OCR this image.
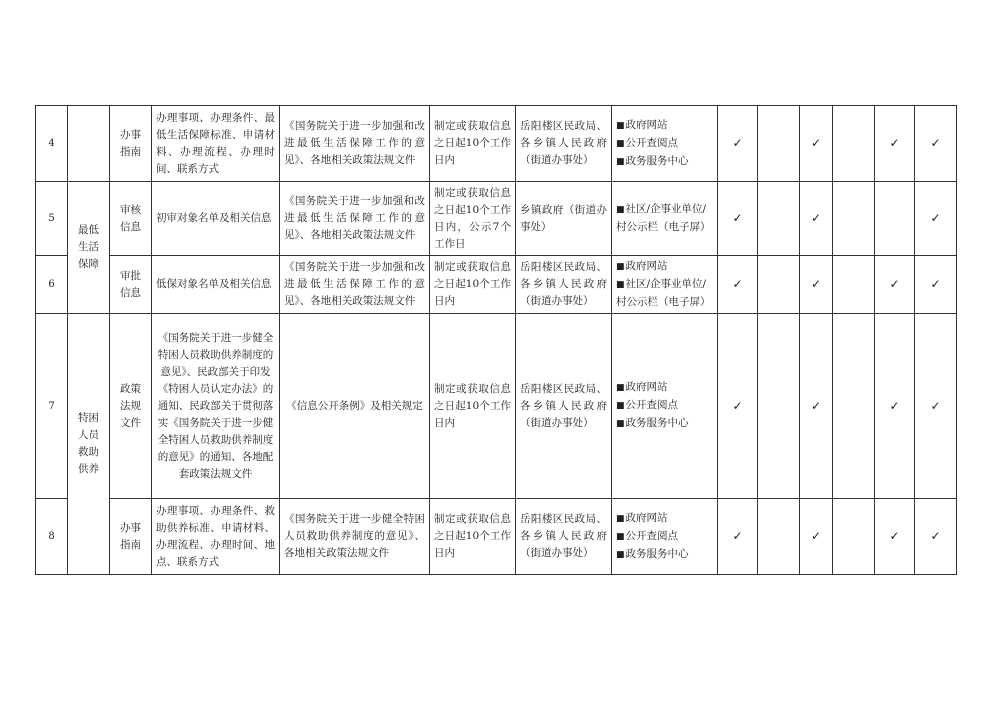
4		办事
指南	办理事项、办理条件、最低生活保障标准、申请材料、办理流程、办理时间、联系方式	《国务院关于进一步加强和改进最低生活保障工作的意见》、各地相关政策法规文件	制定或获取信息之日起10个工作日内	岳阳楼区民政局、各乡镇人民政府（街道办事处）	■政府网站
■公开查阅点
■政务服务中心	✓		✓		✓	✓
5	最低
生活
保障	审核
信息	初审对象名单及相关信息	《国务院关于进一步加强和改进最低生活保障工作的意见》、各地相关政策法规文件	制定或获取信息之日起10个工作日内，公示7个工作日	乡镇政府（街道办事处）	■社区/企事业单位/村公示栏（电子屏）	✓		✓			✓
6		审批
信息	低保对象名单及相关信息	《国务院关于进一步加强和改进最低生活保障工作的意见》、各地相关政策法规文件	制定或获取信息之日起10个工作日内	岳阳楼区民政局、各乡镇人民政府（街道办事处）	■政府网站
■社区/企事业单位/村公示栏（电子屏）	✓		✓		✓	✓
7	特困
人员
救助
供养	政策
法规
文件	《国务院关于进一步健全特困人员救助供养制度的意见》、民政部关于印发《特困人员认定办法》的通知、民政部关于贯彻落实《国务院关于进一步健全特困人员救助供养制度的意见》的通知、各地配套政策法规文件	《信息公开条例》及相关规定	制定或获取信息之日起10个工作日内	岳阳楼区民政局、各乡镇人民政府（街道办事处）	■政府网站
■公开查阅点
■政务服务中心	✓		✓		✓	✓
8		办事
指南	办理事项、办理条件、救助供养标准、申请材料、办理流程、办理时间、地点、联系方式	《国务院关于进一步健全特困人员救助供养制度的意见》、各地相关政策法规文件	制定或获取信息之日起10个工作日内	岳阳楼区民政局、各乡镇人民政府（街道办事处）	■政府网站
■公开查阅点
■政务服务中心	✓		✓		✓	✓
